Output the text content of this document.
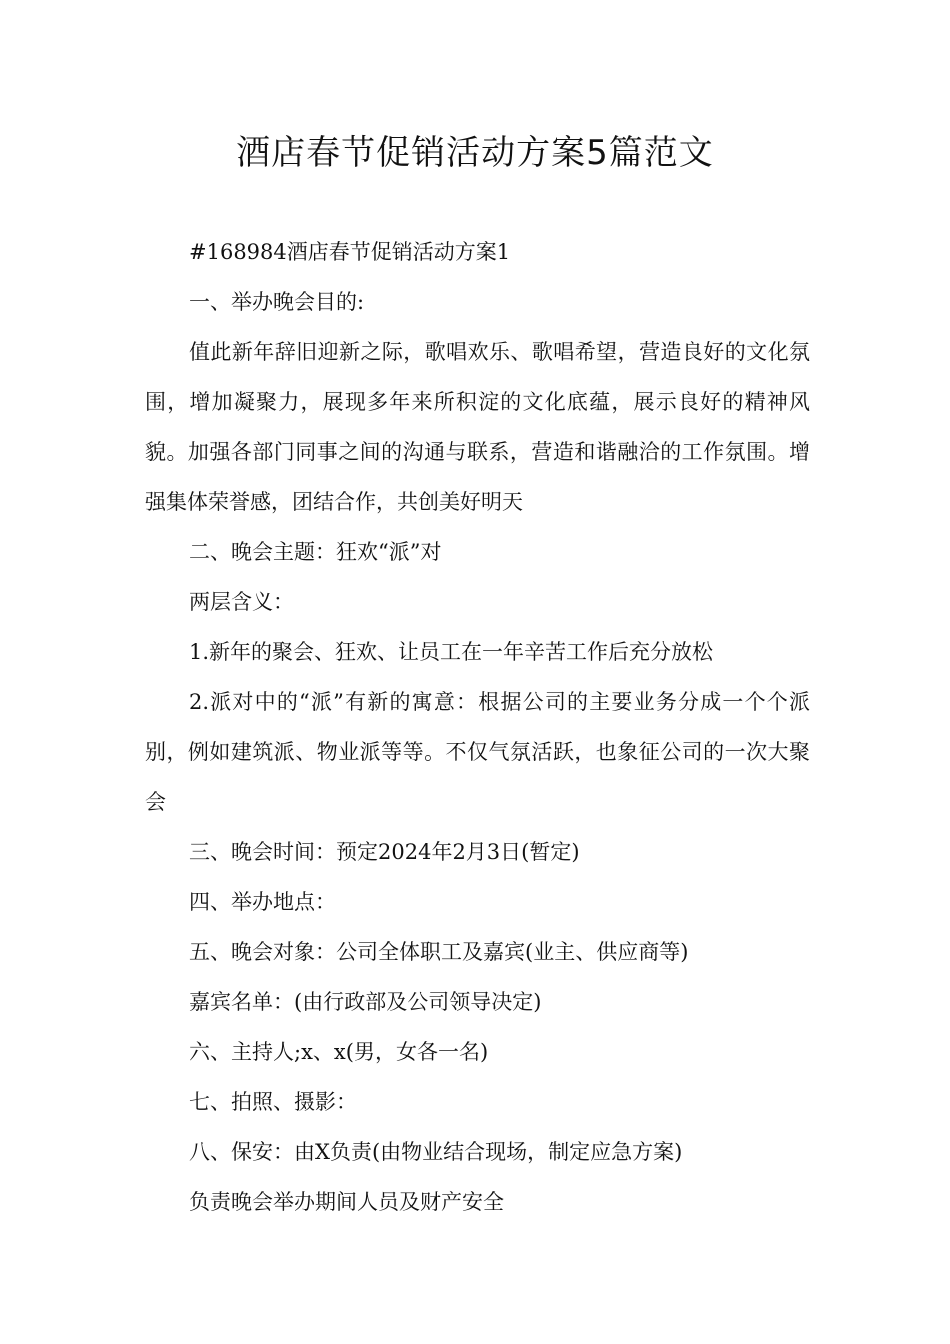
酒店春节促销活动方案5篇范文

#168984酒店春节促销活动方案1

一、举办晚会目的:

值此新年辞旧迎新之际，歌唱欢乐、歌唱希望，营造良好的文化氛围，增加凝聚力，展现多年来所积淀的文化底蕴，展示良好的精神风貌。加强各部门同事之间的沟通与联系，营造和谐融洽的工作氛围。增强集体荣誉感，团结合作，共创美好明天

二、晚会主题：狂欢“派”对

两层含义：

1.新年的聚会、狂欢、让员工在一年辛苦工作后充分放松

2.派对中的“派”有新的寓意：根据公司的主要业务分成一个个派别，例如建筑派、物业派等等。不仅气氛活跃，也象征公司的一次大聚会

三、晚会时间：预定2024年2月3日(暂定)

四、举办地点：

五、晚会对象：公司全体职工及嘉宾(业主、供应商等)

嘉宾名单：(由行政部及公司领导决定)

六、主持人;x、x(男，女各一名)

七、拍照、摄影：

八、保安：由X负责(由物业结合现场，制定应急方案)

负责晚会举办期间人员及财产安全
